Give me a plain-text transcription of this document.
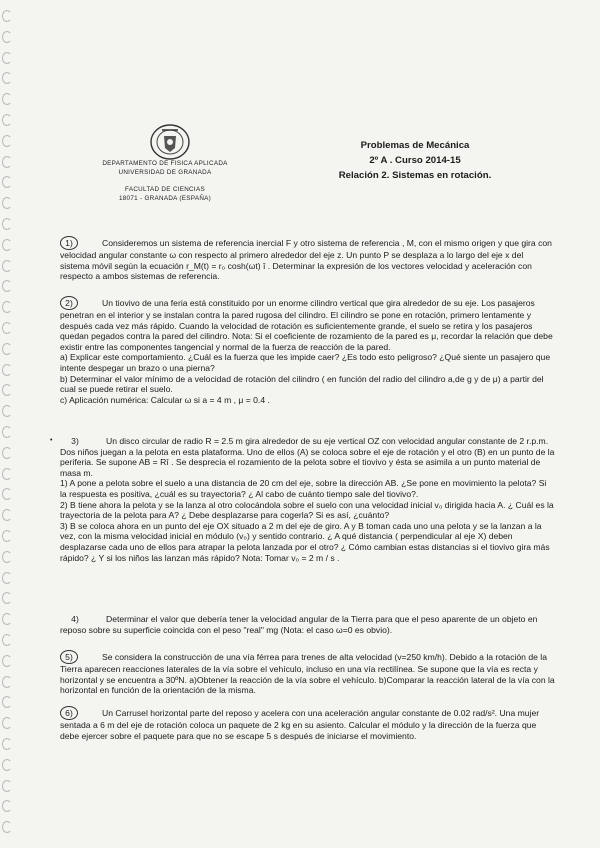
DEPARTAMENTO DE FISICA APLICADA
UNIVERSIDAD DE GRANADA
FACULTAD DE CIENCIAS
18071 - GRANADA (ESPAÑA)
Problemas de Mecánica
2º A . Curso 2014-15
Relación 2. Sistemas en rotación.

1)	Consideremos un sistema de referencia inercial F y otro sistema de referencia , M, con el mismo origen y que gira con velocidad angular constante ω con respecto al primero alrededor del eje z. Un punto P se desplaza a lo largo del eje x del sistema móvil según la ecuación r_M(t) = r₀ cosh(ωt) î . Determinar la expresión de los vectores velocidad y aceleración con respecto a ambos sistemas de referencia.

2)	Un tiovivo de una feria está constituido por un enorme cilindro vertical que gira alrededor de su eje. Los pasajeros penetran en el interior y se instalan contra la pared rugosa del cilindro. El cilindro se pone en rotación, primero lentamente y después cada vez más rápido. Cuando la velocidad de rotación es suficientemente grande, el suelo se retira y los pasajeros quedan pegados contra la pared del cilindro. Nota: Si el coeficiente de rozamiento de la pared es μ, recordar la relación que debe existir entre las componentes tangencial y normal de la fuerza de reacción de la pared.

a) Explicar este comportamiento. ¿Cuál es la fuerza que les impide caer? ¿Es todo esto peligroso? ¿Qué siente un pasajero que intente despegar un brazo o una pierna?

b) Determinar el valor mínimo de a velocidad de rotación del cilindro ( en función del radio del cilindro a,de g y de μ) a partir del cual se puede retirar el suelo.

c) Aplicación numérica: Calcular ω si a = 4 m , μ = 0.4 .

•	3)	Un disco circular de radio R = 2.5 m gira alrededor de su eje vertical OZ con velocidad angular constante de 2 r.p.m. Dos niños juegan a la pelota en esta plataforma. Uno de ellos (A) se coloca sobre el eje de rotación y el otro (B) en un punto de la periferia. Se supone AB = Rî . Se desprecia el rozamiento de la pelota sobre el tiovivo y ésta se asimila a un punto material de masa m.

1) A pone a pelota sobre el suelo a una distancia de 20 cm del eje, sobre la dirección AB. ¿Se pone en movimiento la pelota? Si la respuesta es positiva, ¿cuál es su trayectoria? ¿ Al cabo de cuánto tiempo sale del tiovivo?.

2) B tiene ahora la pelota y se la lanza al otro colocándola sobre el suelo con una velocidad inicial v₀ dirigida hacia A. ¿ Cuál es la trayectoria de la pelota para A? ¿ Debe desplazarse para cogerla? Si es así, ¿cuánto?

3) B se coloca ahora en un punto del eje OX situado a 2 m del eje de giro. A y B toman cada uno una pelota y se la lanzan a la vez, con la misma velocidad inicial en módulo (v₀) y sentido contrario. ¿ A qué distancia ( perpendicular al eje X) deben desplazarse cada uno de ellos para atrapar la pelota lanzada por el otro? ¿ Cómo cambian estas distancias si el tiovivo gira más rápido? ¿ Y si los niños las lanzan más rápido? Nota: Tomar v₀ = 2 m / s .

4)	Determinar el valor que debería tener la velocidad angular de la Tierra para que el peso aparente de un objeto en reposo sobre su superficie coincida con el peso "real" mg (Nota: el caso ω=0 es obvio).

5)	Se considera la construcción de una vía férrea para trenes de alta velocidad (v=250 km/h). Debido a la rotación de la Tierra aparecen reacciones laterales de la vía sobre el vehículo, incluso en una vía rectilínea. Se supone que la vía es recta y horizontal y se encuentra a 30ºN. a)Obtener la reacción de la vía sobre el vehículo. b)Comparar la reacción lateral de la vía con la horizontal en función de la orientación de la misma.

6)	Un Carrusel horizontal parte del reposo y acelera con una aceleración angular constante de 0.02 rad/s². Una mujer sentada a 6 m del eje de rotación coloca un paquete de 2 kg en su asiento. Calcular el módulo y la dirección de la fuerza que debe ejercer sobre el paquete para que no se escape 5 s después de iniciarse el movimiento.
